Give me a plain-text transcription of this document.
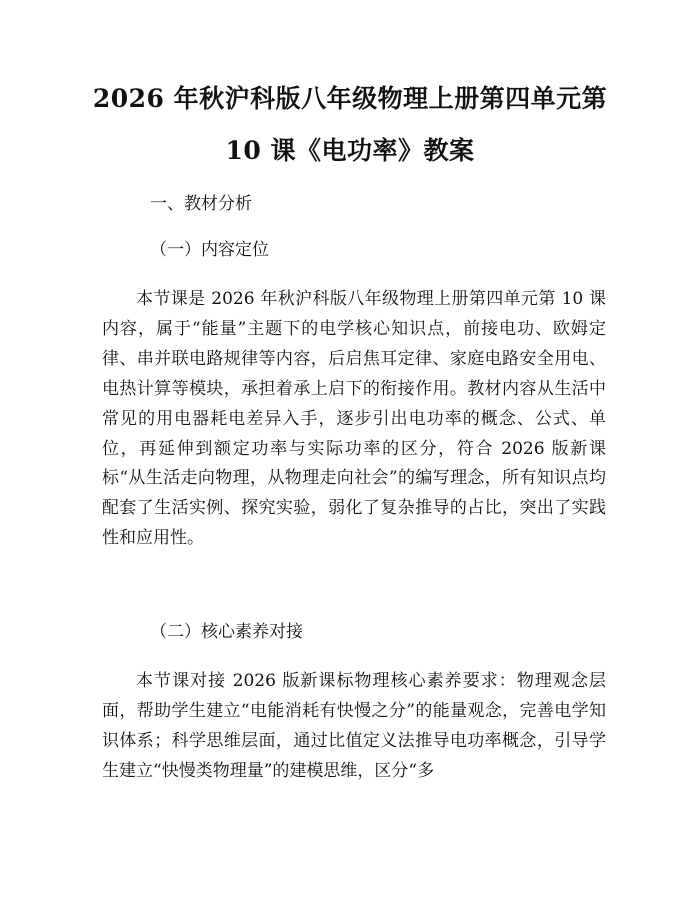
2026 年秋沪科版八年级物理上册第四单元第
10 课《电功率》教案
一、教材分析
（一）内容定位

本节课是 2026 年秋沪科版八年级物理上册第四单元第 10 课内容，属于“能量”主题下的电学核心知识点，前接电功、欧姆定律、串并联电路规律等内容，后启焦耳定律、家庭电路安全用电、电热计算等模块，承担着承上启下的衔接作用。教材内容从生活中常见的用电器耗电差异入手，逐步引出电功率的概念、公式、单位，再延伸到额定功率与实际功率的区分，符合 2026 版新课标“从生活走向物理，从物理走向社会”的编写理念，所有知识点均配套了生活实例、探究实验，弱化了复杂推导的占比，突出了实践性和应用性。

（二）核心素养对接

本节课对接 2026 版新课标物理核心素养要求：物理观念层面，帮助学生建立“电能消耗有快慢之分”的能量观念，完善电学知识体系；科学思维层面，通过比值定义法推导电功率概念，引导学生建立“快慢类物理量”的建模思维，区分“多
